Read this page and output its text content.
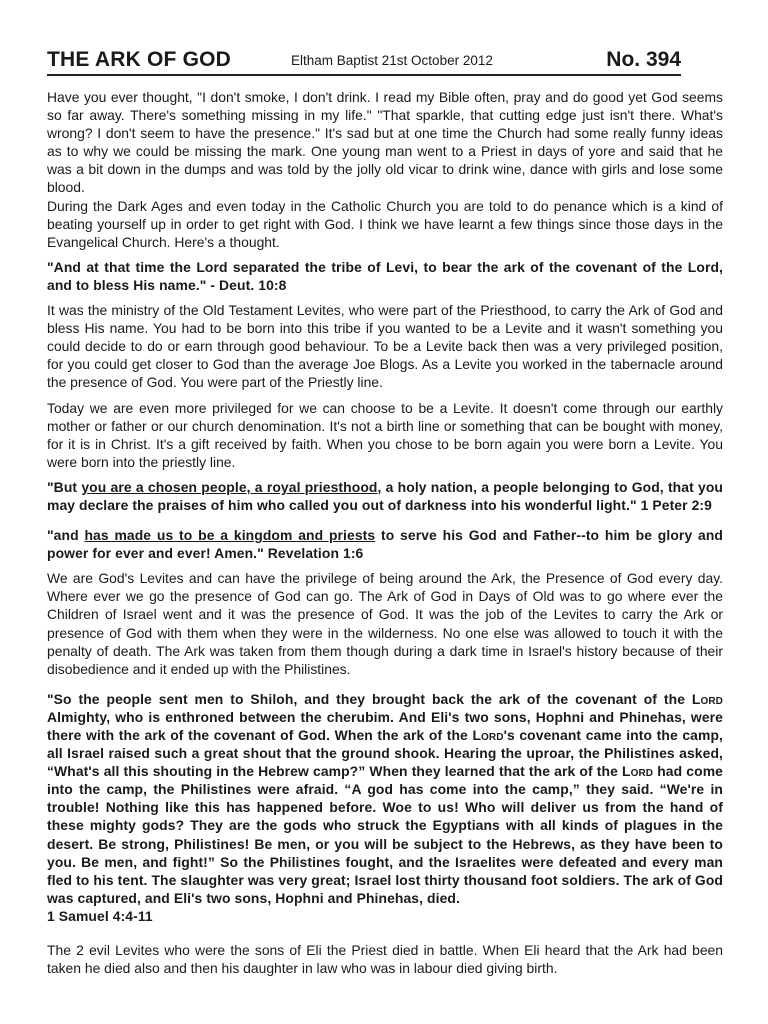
THE ARK OF GOD	Eltham Baptist 21st October 2012	No. 394

Have you ever thought, "I don't smoke, I don't drink. I read my Bible often, pray and do good yet God seems so far away. There's something missing in my life." "That sparkle, that cutting edge just isn't there. What's wrong? I don't seem to have the presence." It's sad but at one time the Church had some really funny ideas as to why we could be missing the mark. One young man went to a Priest in days of yore and said that he was a bit down in the dumps and was told by the jolly old vicar to drink wine, dance with girls and lose some blood.

During the Dark Ages and even today in the Catholic Church you are told to do penance which is a kind of beating yourself up in order to get right with God. I think we have learnt a few things since those days in the Evangelical Church. Here's a thought.

"And at that time the Lord separated the tribe of Levi, to bear the ark of the covenant of the Lord, and to bless His name." - Deut. 10:8

It was the ministry of the Old Testament Levites, who were part of the Priesthood, to carry the Ark of God and bless His name. You had to be born into this tribe if you wanted to be a Levite and it wasn't something you could decide to do or earn through good behaviour. To be a Levite back then was a very privileged position, for you could get closer to God than the average Joe Blogs. As a Levite you worked in the tabernacle around the presence of God. You were part of the Priestly line.

Today we are even more privileged for we can choose to be a Levite. It doesn't come through our earthly mother or father or our church denomination. It's not a birth line or something that can be bought with money, for it is in Christ. It's a gift received by faith. When you chose to be born again you were born a Levite. You were born into the priestly line.

"But you are a chosen people, a royal priesthood, a holy nation, a people belonging to God, that you may declare the praises of him who called you out of darkness into his wonderful light." 1 Peter 2:9

"and has made us to be a kingdom and priests to serve his God and Father--to him be glory and power for ever and ever! Amen." Revelation 1:6

We are God's Levites and can have the privilege of being around the Ark, the Presence of God every day. Where ever we go the presence of God can go. The Ark of God in Days of Old was to go where ever the Children of Israel went and it was the presence of God. It was the job of the Levites to carry the Ark or presence of God with them when they were in the wilderness. No one else was allowed to touch it with the penalty of death. The Ark was taken from them though during a dark time in Israel's history because of their disobedience and it ended up with the Philistines.

"So the people sent men to Shiloh, and they brought back the ark of the covenant of the Lord Almighty, who is enthroned between the cherubim. And Eli's two sons, Hophni and Phinehas, were there with the ark of the covenant of God. When the ark of the Lord's covenant came into the camp, all Israel raised such a great shout that the ground shook. Hearing the uproar, the Philistines asked, “What's all this shouting in the Hebrew camp?” When they learned that the ark of the Lord had come into the camp, the Philistines were afraid. “A god has come into the camp,” they said. “We're in trouble! Nothing like this has happened before. Woe to us! Who will deliver us from the hand of these mighty gods? They are the gods who struck the Egyptians with all kinds of plagues in the desert. Be strong, Philistines! Be men, or you will be subject to the Hebrews, as they have been to you. Be men, and fight!” So the Philistines fought, and the Israelites were defeated and every man fled to his tent. The slaughter was very great; Israel lost thirty thousand foot soldiers. The ark of God was captured, and Eli's two sons, Hophni and Phinehas, died.

1 Samuel 4:4-11

The 2 evil Levites who were the sons of Eli the Priest died in battle. When Eli heard that the Ark had been taken he died also and then his daughter in law who was in labour died giving birth.
